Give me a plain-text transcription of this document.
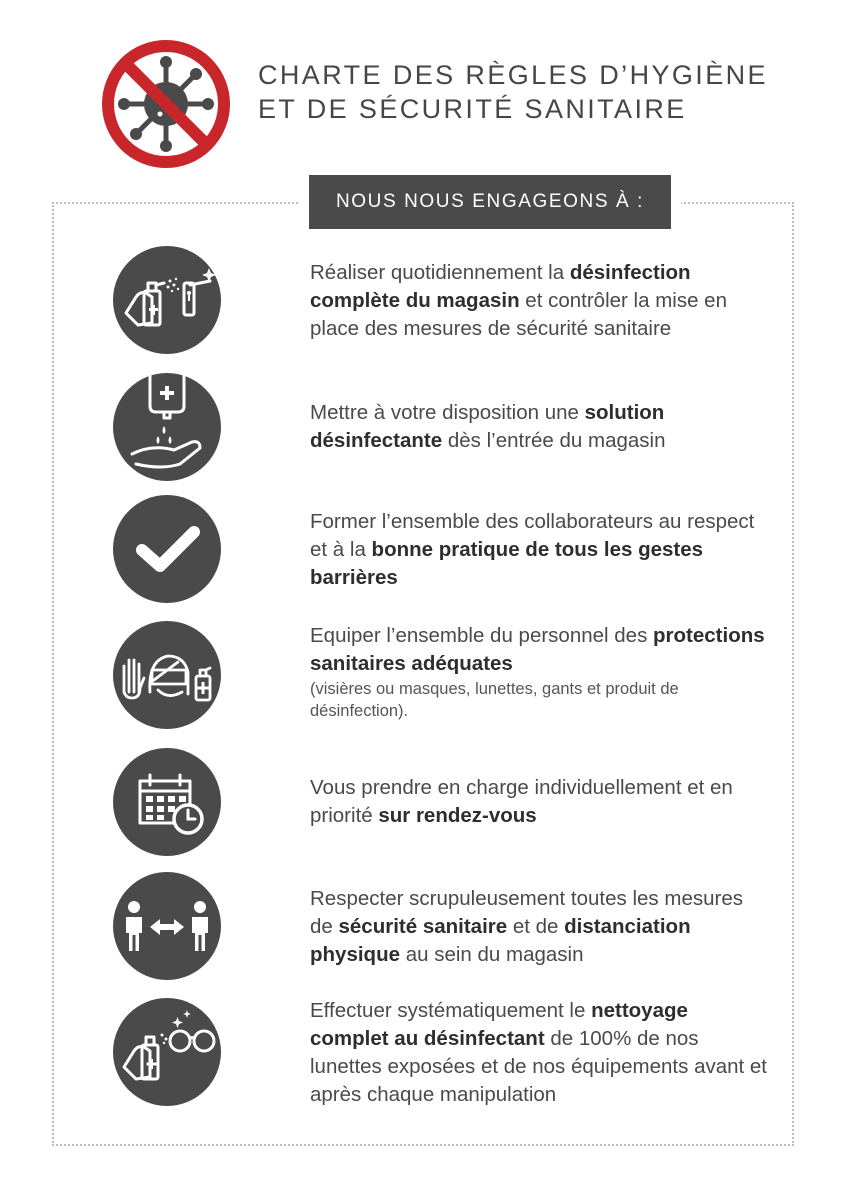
CHARTE DES RÈGLES D’HYGIÈNE
ET DE SÉCURITÉ SANITAIRE
NOUS NOUS ENGAGEONS À :
Réaliser quotidiennement la désinfection complète du magasin et contrôler la mise en place des mesures de sécurité sanitaire
Mettre à votre disposition une solution désinfectante dès l’entrée du magasin
Former l’ensemble des collaborateurs au respect et à la bonne pratique de tous les gestes barrières
Equiper l’ensemble du personnel des protections sanitaires adéquates
(visières ou masques, lunettes, gants et produit de désinfection).
Vous prendre en charge individuellement et en priorité sur rendez-vous
Respecter scrupuleusement toutes les mesures de sécurité sanitaire et de distanciation physique au sein du magasin
Effectuer systématiquement le nettoyage complet au désinfectant de 100% de nos lunettes exposées et de nos équipements avant et après chaque manipulation
